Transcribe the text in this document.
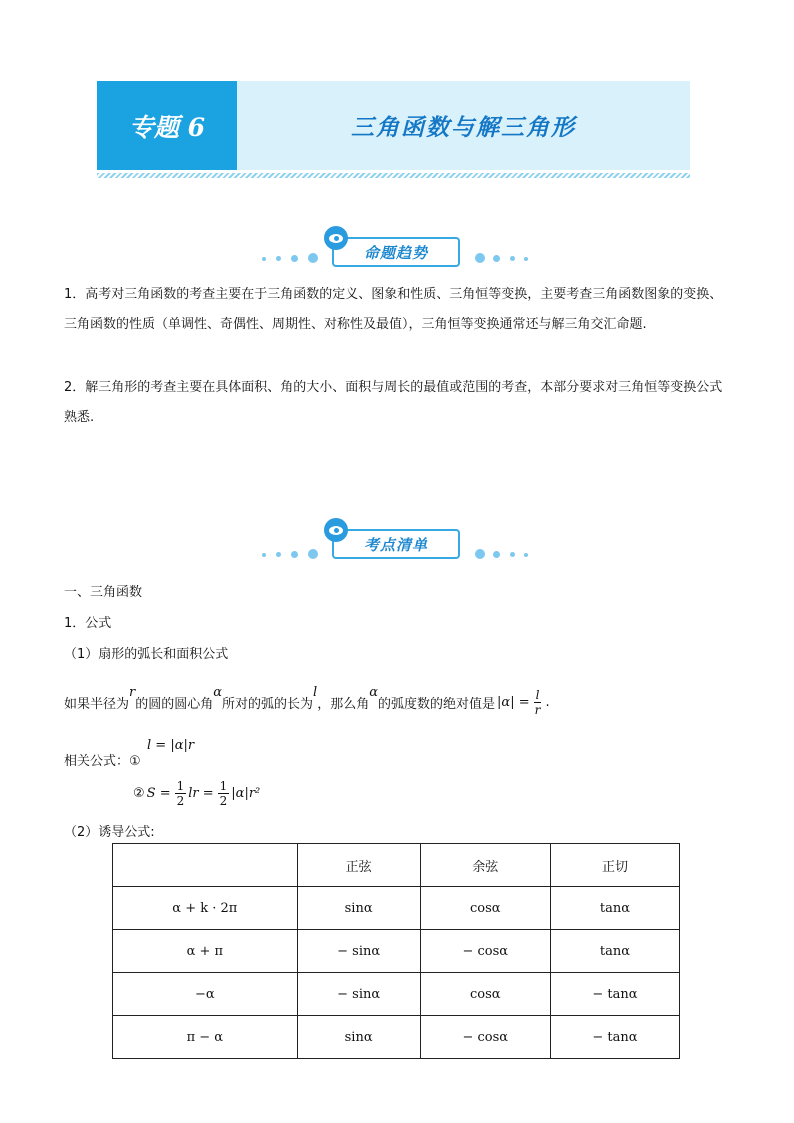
专题 6	三角函数与解三角形
命题趋势
1．高考对三角函数的考查主要在于三角函数的定义、图象和性质、三角恒等变换，主要考查三角函数图象的变换、三角函数的性质（单调性、奇偶性、周期性、对称性及最值），三角恒等变换通常还与解三角交汇命题.
2．解三角形的考查主要在具体面积、角的大小、面积与周长的最值或范围的考查，本部分要求对三角恒等变换公式熟悉.
考点清单
一、三角函数
1．公式
（1）扇形的弧长和面积公式
如果半径为
r
的圆的圆心角
α
所对的弧的长为
l
，那么角
α
的弧度数的绝对值是 $|\alpha| = \frac{l}{r}$ .
相关公式：①
l = |α|r
② $S = \frac{1}{2}$ lr = $\frac{1}{2} |\alpha|r^2$
（2）诱导公式:
	正弦	余弦	正切
α + k · 2π	sinα	cosα	tanα
α + π	− sinα	− cosα	tanα
−α	− sinα	cosα	− tanα
π − α	sinα	− cosα	− tanα
